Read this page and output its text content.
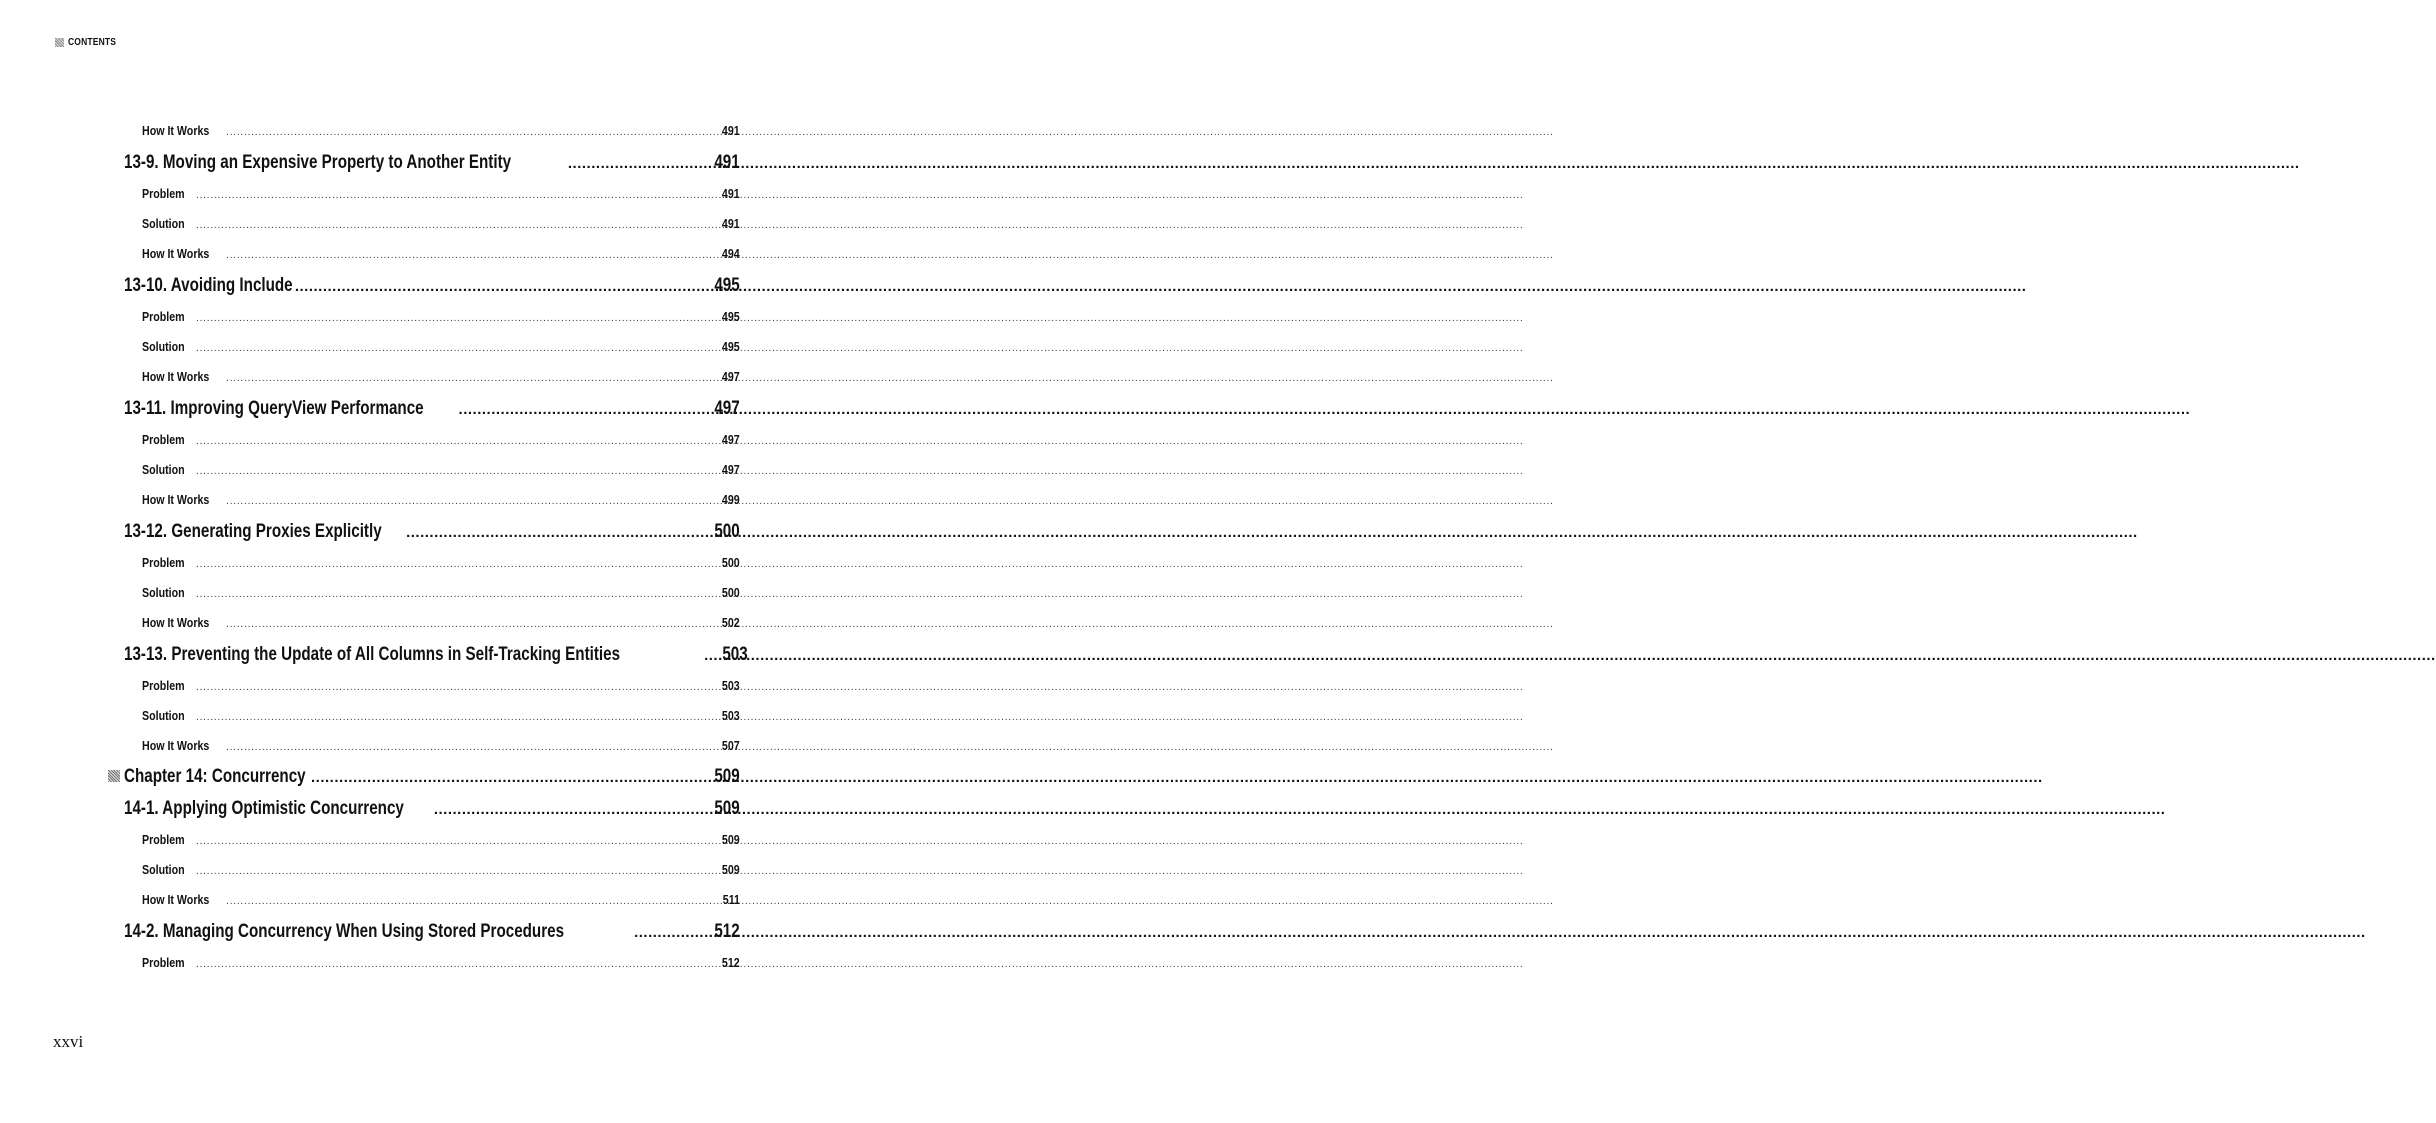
CONTENTS
How It Works .....	491
13-9. Moving an Expensive Property to Another Entity .....	491
Problem .....	491
Solution .....	491
How It Works .....	494
13-10. Avoiding Include .....	495
Problem .....	495
Solution .....	495
How It Works .....	497
13-11. Improving QueryView Performance .....	497
Problem .....	497
Solution .....	497
How It Works .....	499
13-12. Generating Proxies Explicitly .....	500
Problem .....	500
Solution .....	500
How It Works .....	502
13-13. Preventing the Update of All Columns in Self-Tracking Entities .....	503
Problem .....	503
Solution .....	503
How It Works .....	507
Chapter 14: Concurrency .....	509
14-1. Applying Optimistic Concurrency .....	509
Problem .....	509
Solution .....	509
How It Works .....	511
14-2. Managing Concurrency When Using Stored Procedures .....	512
Problem .....	512
xxvi
